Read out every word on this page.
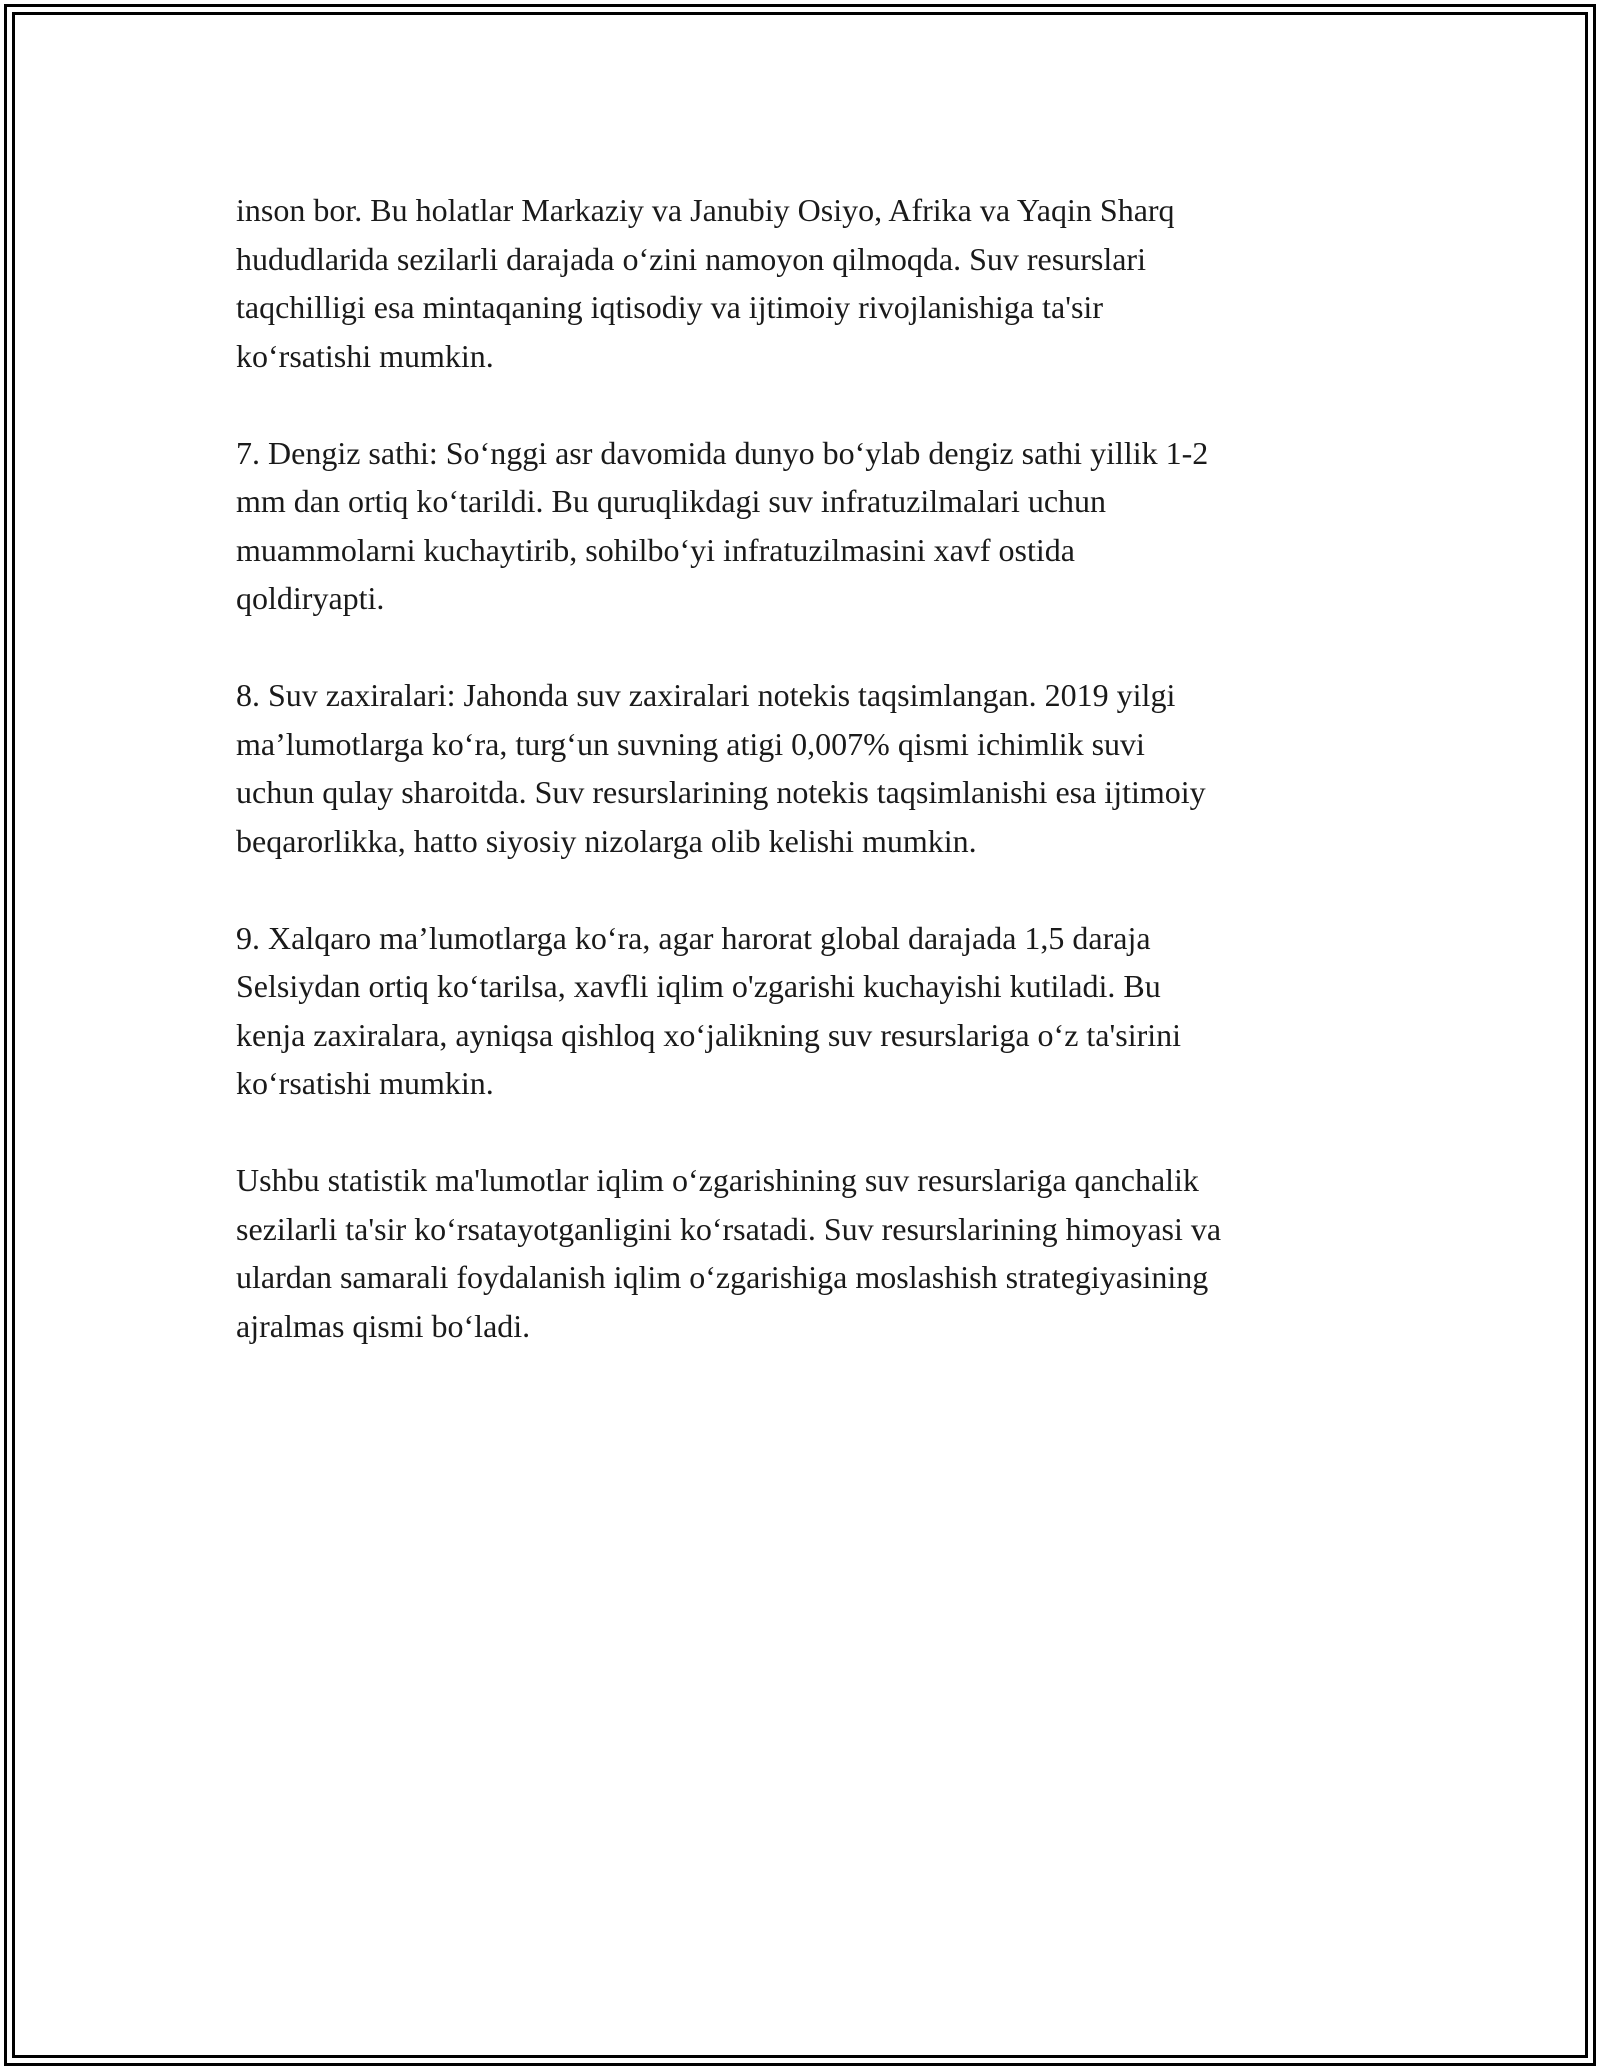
inson bor. Bu holatlar Markaziy va Janubiy Osiyo, Afrika va Yaqin Sharq
hududlarida sezilarli darajada o‘zini namoyon qilmoqda. Suv resurslari
taqchilligi esa mintaqaning iqtisodiy va ijtimoiy rivojlanishiga ta'sir
ko‘rsatishi mumkin.

7. Dengiz sathi: So‘nggi asr davomida dunyo bo‘ylab dengiz sathi yillik 1-2
mm dan ortiq ko‘tarildi. Bu quruqlikdagi suv infratuzilmalari uchun
muammolarni kuchaytirib, sohilbo‘yi infratuzilmasini xavf ostida
qoldiryapti.

8. Suv zaxiralari: Jahonda suv zaxiralari notekis taqsimlangan. 2019 yilgi
ma’lumotlarga ko‘ra, turg‘un suvning atigi 0,007% qismi ichimlik suvi
uchun qulay sharoitda. Suv resurslarining notekis taqsimlanishi esa ijtimoiy
beqarorlikka, hatto siyosiy nizolarga olib kelishi mumkin.

9. Xalqaro ma’lumotlarga ko‘ra, agar harorat global darajada 1,5 daraja
Selsiydan ortiq ko‘tarilsa, xavfli iqlim o'zgarishi kuchayishi kutiladi. Bu
kenja zaxiralara, ayniqsa qishloq xo‘jalikning suv resurslariga o‘z ta'sirini
ko‘rsatishi mumkin.

Ushbu statistik ma'lumotlar iqlim o‘zgarishining suv resurslariga qanchalik
sezilarli ta'sir ko‘rsatayotganligini ko‘rsatadi. Suv resurslarining himoyasi va
ulardan samarali foydalanish iqlim o‘zgarishiga moslashish strategiyasining
ajralmas qismi bo‘ladi.
